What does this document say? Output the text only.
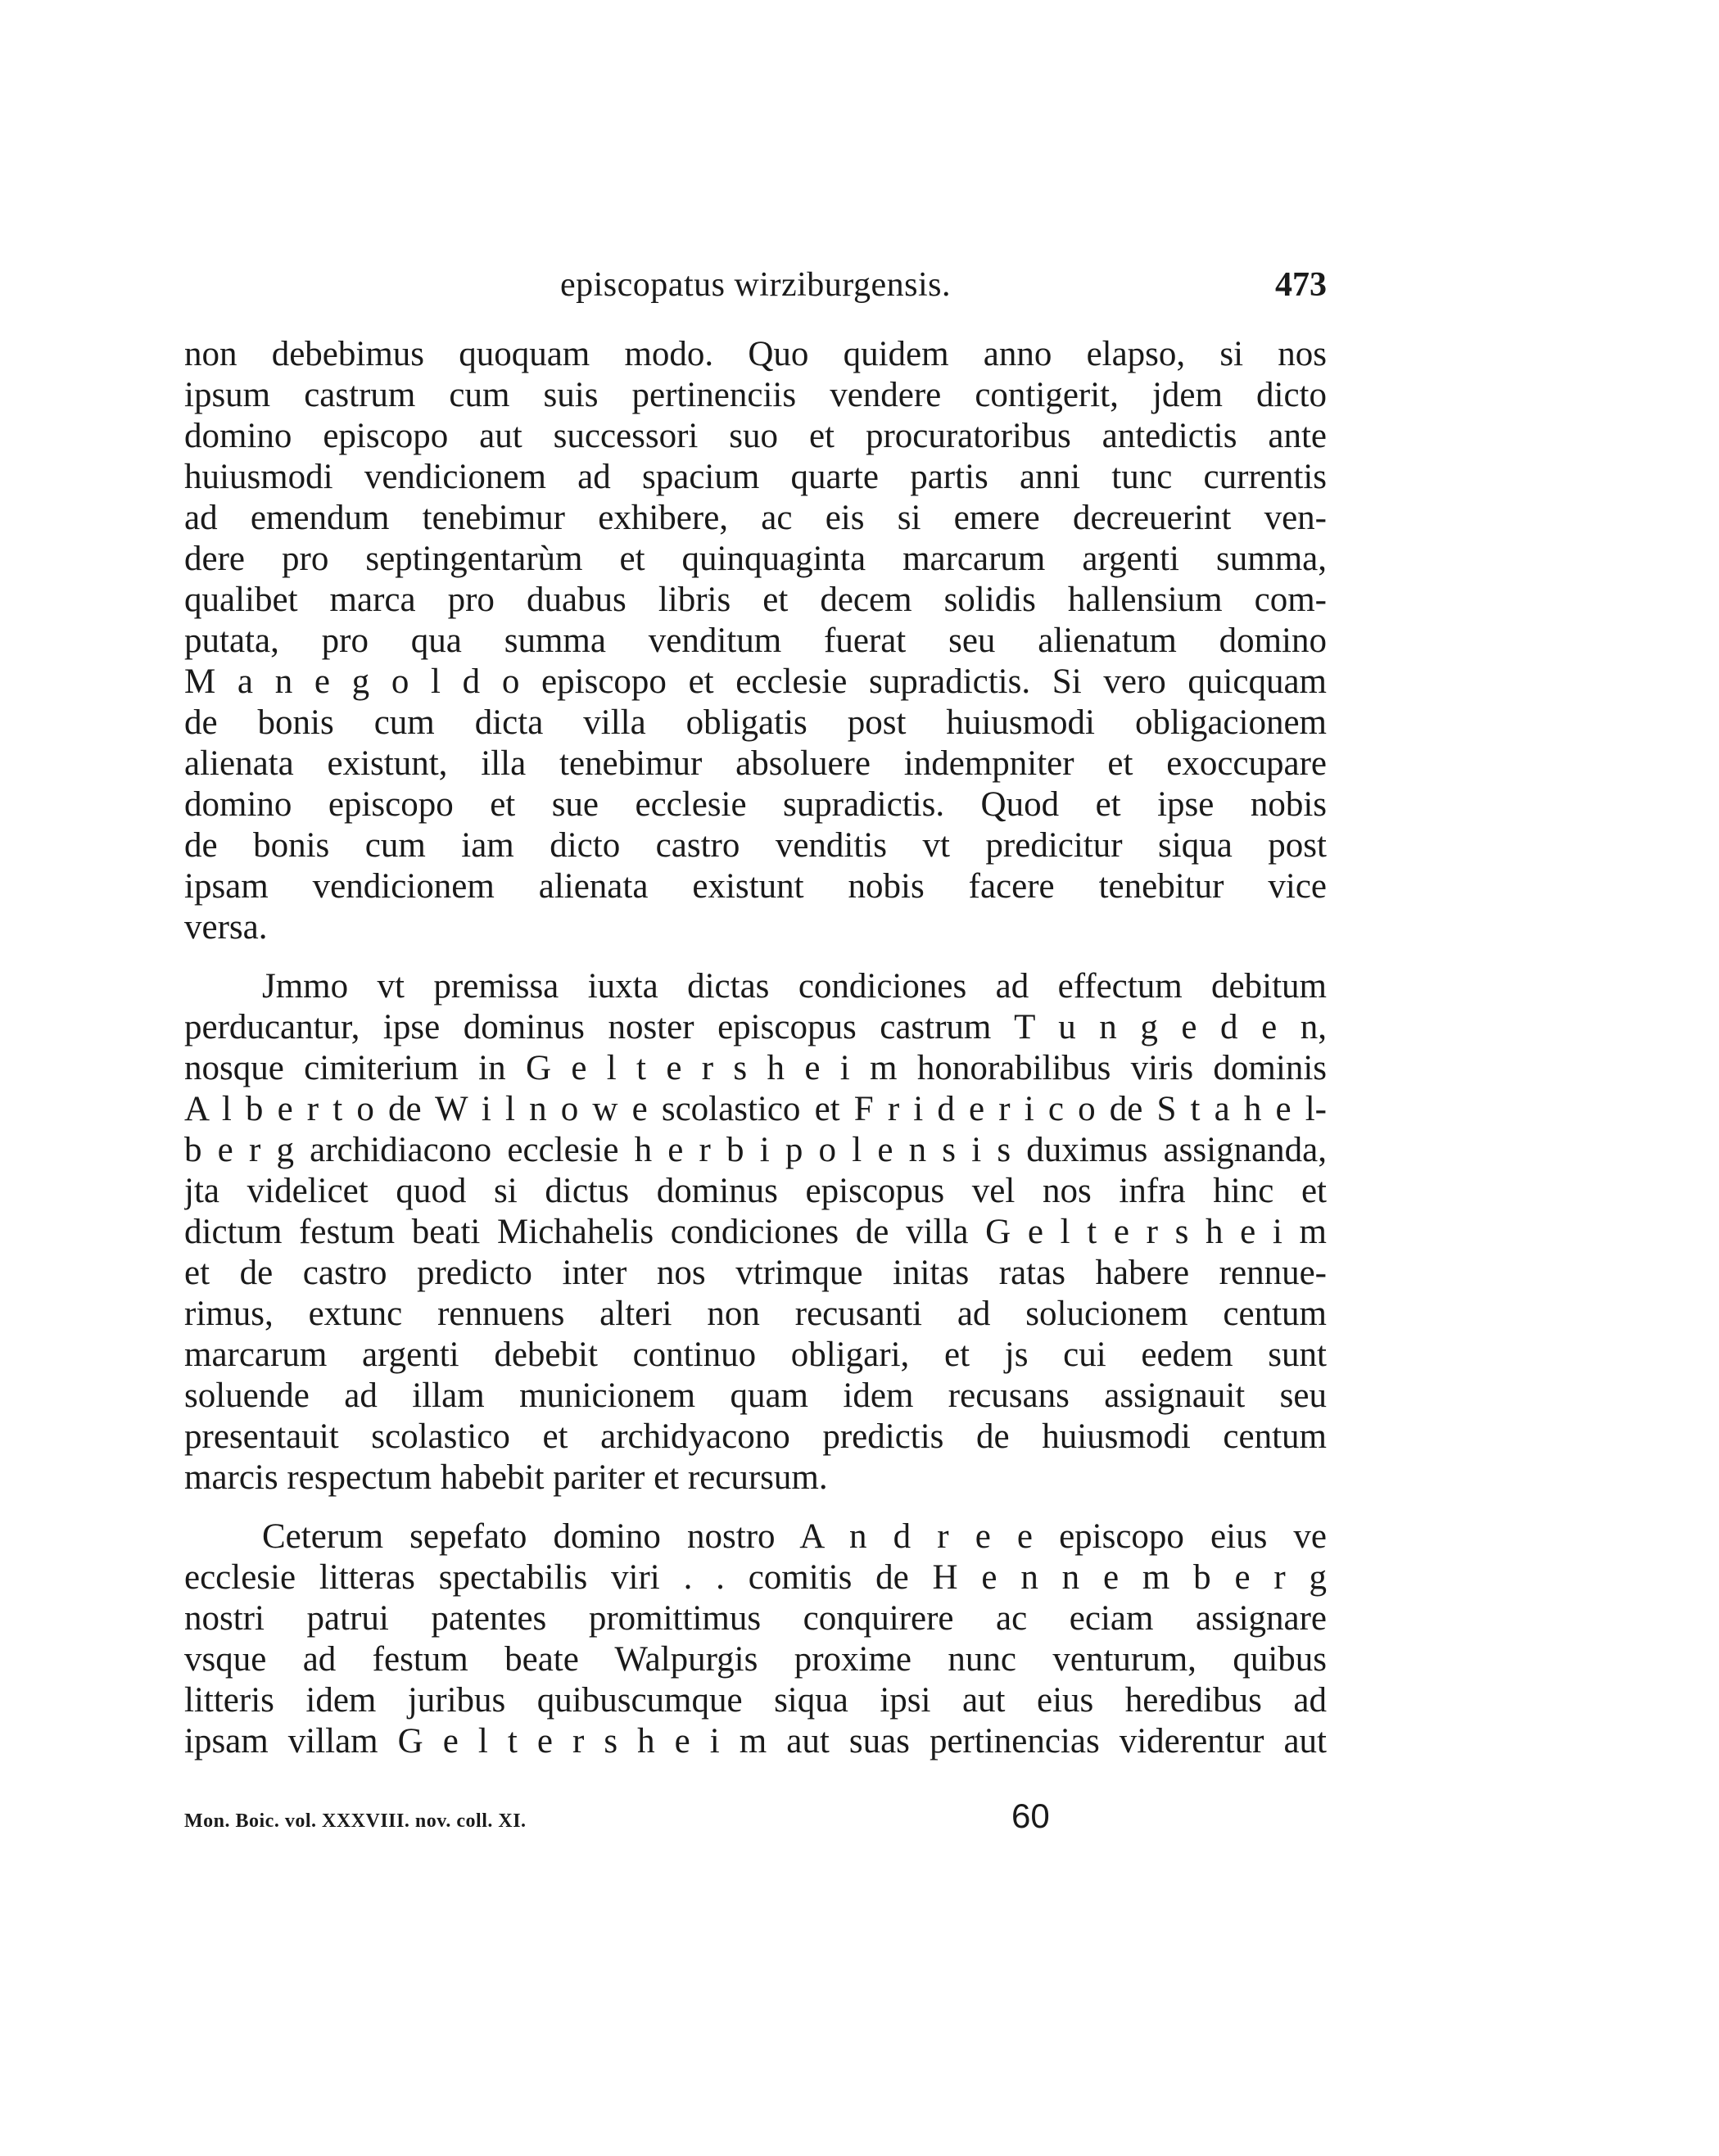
episcopatus wirziburgensis.	473
non debebimus quoquam modo. Quo quidem anno elapso, si nos
ipsum castrum cum suis pertinenciis vendere contigerit, jdem dicto
domino episcopo aut successori suo et procuratoribus antedictis ante
huiusmodi vendicionem ad spacium quarte partis anni tunc currentis
ad emendum tenebimur exhibere, ac eis si emere decreuerint ven-
dere pro septingentarùm et quinquaginta marcarum argenti summa,
qualibet marca pro duabus libris et decem solidis hallensium com-
putata, pro qua summa venditum fuerat seu alienatum domino
M a n e g o l d o episcopo et ecclesie supradictis. Si vero quicquam
de bonis cum dicta villa obligatis post huiusmodi obligacionem
alienata existunt, illa tenebimur absoluere indempniter et exoccupare
domino episcopo et sue ecclesie supradictis. Quod et ipse nobis
de bonis cum iam dicto castro venditis vt predicitur siqua post
ipsam vendicionem alienata existunt nobis facere tenebitur vice
versa.
Jmmo vt premissa iuxta dictas condiciones ad effectum debitum
perducantur, ipse dominus noster episcopus castrum T u n g e d e n,
nosque cimiterium in G e l t e r s h e i m honorabilibus viris dominis
A l b e r t o de W i l n o w e scolastico et F r i d e r i c o de S t a h e l-
b e r g archidiacono ecclesie h e r b i p o l e n s i s duximus assignanda,
jta videlicet quod si dictus dominus episcopus vel nos infra hinc et
dictum festum beati Michahelis condiciones de villa G e l t e r s h e i m
et de castro predicto inter nos vtrimque initas ratas habere rennue-
rimus, extunc rennuens alteri non recusanti ad solucionem centum
marcarum argenti debebit continuo obligari, et js cui eedem sunt
soluende ad illam municionem quam idem recusans assignauit seu
presentauit scolastico et archidyacono predictis de huiusmodi centum
marcis respectum habebit pariter et recursum.
Ceterum sepefato domino nostro A n d r e e episcopo eius ve
ecclesie litteras spectabilis viri . . comitis de H e n n e m b e r g
nostri patrui patentes promittimus conquirere ac eciam assignare
vsque ad festum beate Walpurgis proxime nunc venturum, quibus
litteris idem juribus quibuscumque siqua ipsi aut eius heredibus ad
ipsam villam G e l t e r s h e i m aut suas pertinencias viderentur aut
Mon. Boic. vol. XXXVIII. nov. coll. XI.	60
